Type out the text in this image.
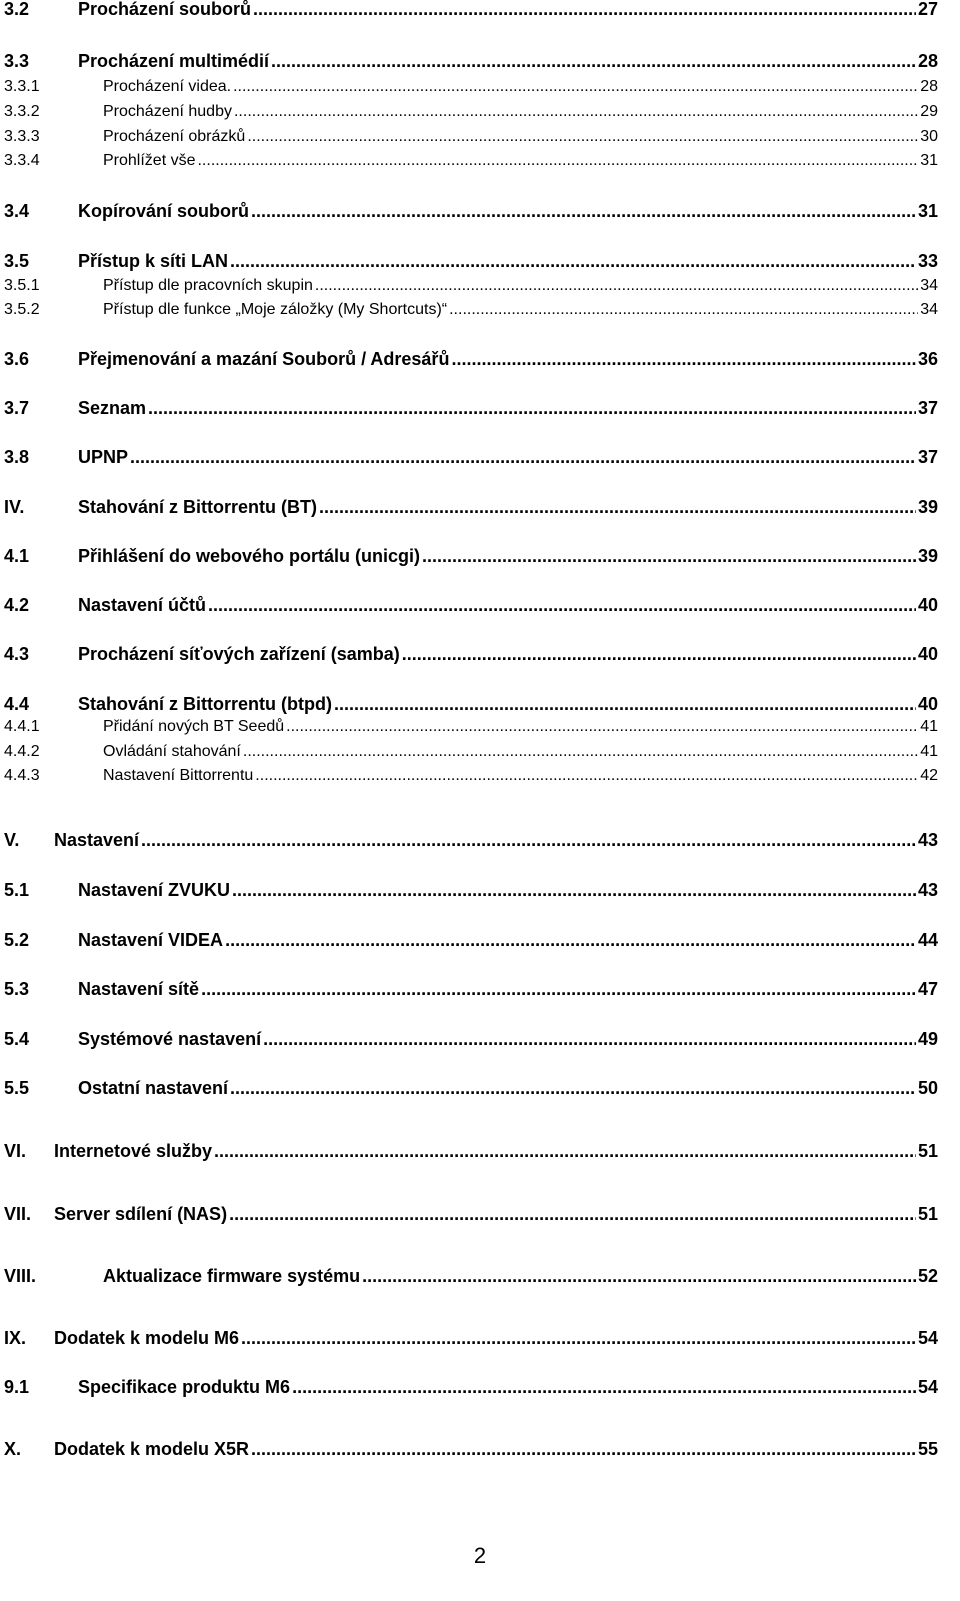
3.2	Procházení souborů .....	27
3.3	Procházení multimédií .....	28
3.3.1	Procházení videa. .....	28
3.3.2	Procházení hudby .....	29
3.3.3	Procházení obrázků .....	30
3.3.4	Prohlížet vše .....	31
3.4	Kopírování souborů .....	31
3.5	Přístup k síti LAN .....	33
3.5.1	Přístup dle pracovních skupin .....	34
3.5.2	Přístup dle funkce „Moje záložky (My Shortcuts)“ .....	34
3.6	Přejmenování a mazání Souborů / Adresářů .....	36
3.7	Seznam .....	37
3.8	UPNP .....	37
IV.	Stahování z Bittorrentu (BT) .....	39
4.1	Přihlášení do webového portálu (unicgi) .....	39
4.2	Nastavení účtů .....	40
4.3	Procházení síťových zařízení (samba) .....	40
4.4	Stahování z Bittorrentu (btpd) .....	40
4.4.1	Přidání nových BT Seedů .....	41
4.4.2	Ovládání stahování .....	41
4.4.3	Nastavení Bittorrentu .....	42
V.	Nastavení .....	43
5.1	Nastavení ZVUKU .....	43
5.2	Nastavení VIDEA .....	44
5.3	Nastavení sítě .....	47
5.4	Systémové nastavení .....	49
5.5	Ostatní nastavení .....	50
VI.	Internetové služby .....	51
VII.	Server sdílení (NAS) .....	51
VIII.	Aktualizace firmware systému .....	52
IX.	Dodatek k modelu M6 .....	54
9.1	Specifikace produktu M6 .....	54
X.	Dodatek k modelu X5R .....	55
2
